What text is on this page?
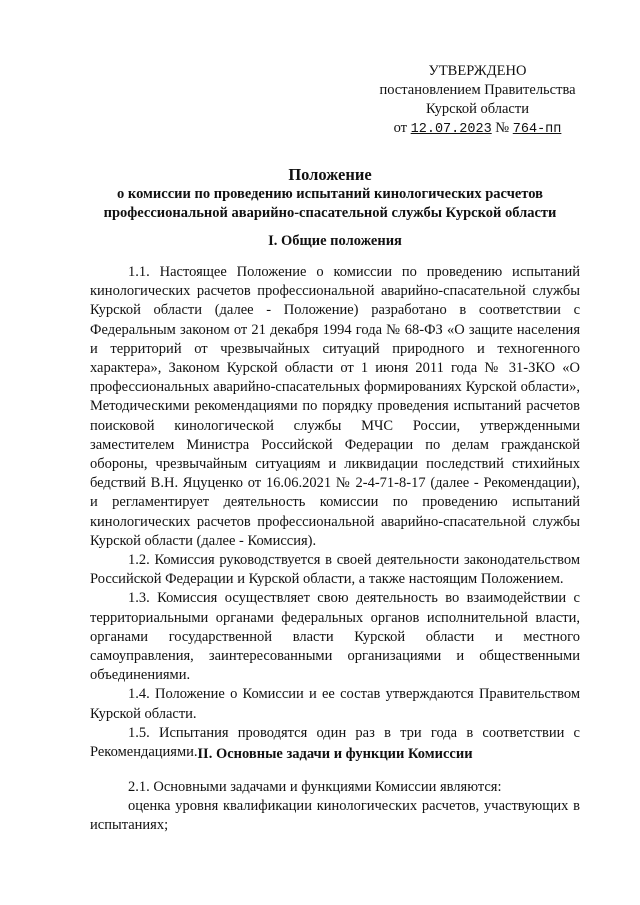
УТВЕРЖДЕНО
постановлением Правительства
Курской области
от 12.07.2023 № 764-пп
Положение
о комиссии по проведению испытаний кинологических расчетов
профессиональной аварийно-спасательной службы Курской области
I. Общие положения

1.1. Настоящее Положение о комиссии по проведению испытаний кинологических расчетов профессиональной аварийно-спасательной службы Курской области (далее - Положение) разработано в соответствии с Федеральным законом от 21 декабря 1994 года № 68-ФЗ «О защите населения и территорий от чрезвычайных ситуаций природного и техногенного характера», Законом Курской области от 1 июня 2011 года № 31-ЗКО «О профессиональных аварийно-спасательных формированиях Курской области», Методическими рекомендациями по порядку проведения испытаний расчетов поисковой кинологической службы МЧС России, утвержденными заместителем Министра Российской Федерации по делам гражданской обороны, чрезвычайным ситуациям и ликвидации последствий стихийных бедствий В.Н. Яцуценко от 16.06.2021 № 2-4-71-8-17 (далее - Рекомендации), и регламентирует деятельность комиссии по проведению испытаний кинологических расчетов профессиональной аварийно-спасательной службы Курской области (далее - Комиссия).

1.2. Комиссия руководствуется в своей деятельности законодательством Российской Федерации и Курской области, а также настоящим Положением.

1.3. Комиссия осуществляет свою деятельность во взаимодействии с территориальными органами федеральных органов исполнительной власти, органами государственной власти Курской области и местного самоуправления, заинтересованными организациями и общественными объединениями.

1.4. Положение о Комиссии и ее состав утверждаются Правительством Курской области.

1.5. Испытания проводятся один раз в три года в соответствии с Рекомендациями. II. Основные задачи и функции Комиссии

2.1. Основными задачами и функциями Комиссии являются:

оценка уровня квалификации кинологических расчетов, участвующих в испытаниях;
